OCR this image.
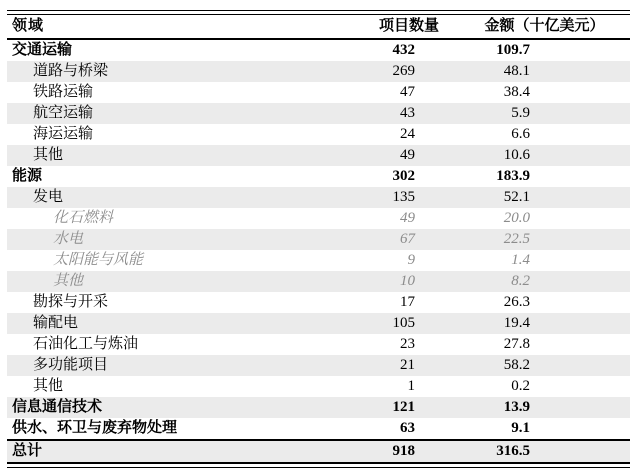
领域	项目数量	金额（十亿美元）
交通运输	432	109.7
道路与桥梁	269	48.1
铁路运输	47	38.4
航空运输	43	5.9
海运运输	24	6.6
其他	49	10.6
能源	302	183.9
发电	135	52.1
化石燃料	49	20.0
水电	67	22.5
太阳能与风能	9	1.4
其他	10	8.2
勘探与开采	17	26.3
输配电	105	19.4
石油化工与炼油	23	27.8
多功能项目	21	58.2
其他	1	0.2
信息通信技术	121	13.9
供水、环卫与废弃物处理	63	9.1
总计	918	316.5
